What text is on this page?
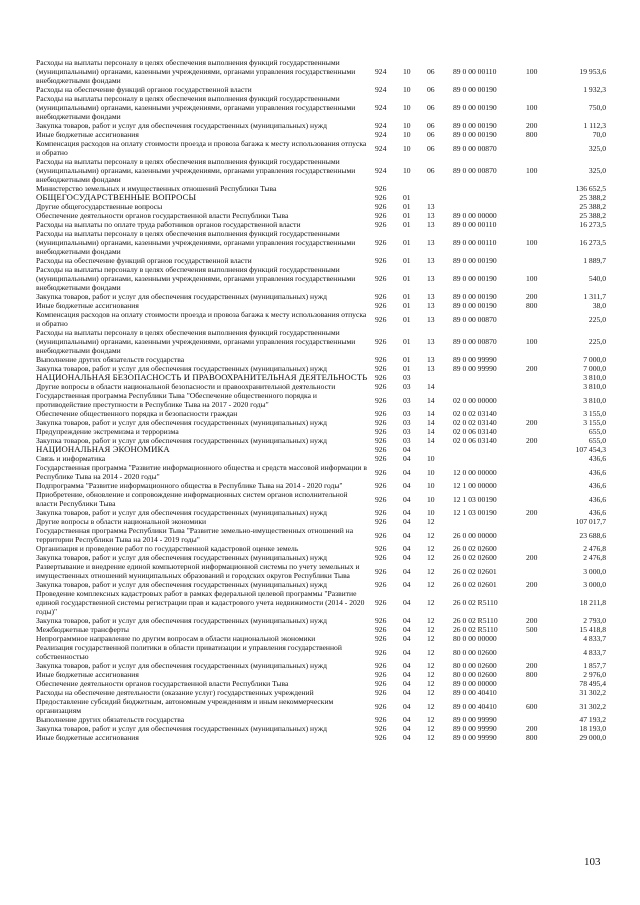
Расходы на выплаты персоналу в целях обеспечения выполнения функций государственными (муниципальными) органами, казенными учреждениями, органами управления государственными внебюджетными фондами
924 10 06 89 0 00 00110	100	19 953,6
Расходы на обеспечение функций органов государственной власти	924 10 06 89 0 00 00190	1 932,3
Расходы на выплаты персоналу в целях обеспечения выполнения функций государственными (муниципальными) органами, казенными учреждениями, органами управления государственными внебюджетными фондами
924 10 06 89 0 00 00190	100	750,0
Закупка товаров, работ и услуг для обеспечения государственных (муниципальных) нужд	924 10 06 89 0 00 00190	200	1 112,3
Иные бюджетные ассигнования	924 10 06 89 0 00 00190	800	70,0
Компенсация расходов на оплату стоимости проезда и провоза багажа к месту использования отпуска и обратно	924 10 06 89 0 00 00870	325,0
Расходы на выплаты персоналу в целях обеспечения выполнения функций государственными (муниципальными) органами, казенными учреждениями, органами управления государственными внебюджетными фондами
924 10 06 89 0 00 00870	100	325,0
Министерство земельных и имущественных отношений Республики Тыва	926	136 652,5
ОБЩЕГОСУДАРСТВЕННЫЕ ВОПРОСЫ	926 01	25 388,2
Другие общегосударственные вопросы	926 01 13	25 388,2
Обеспечение деятельности органов государственной власти Республики Тыва	926 01 13 89 0 00 00000	25 388,2
Расходы на выплаты по оплате труда работников органов государственной власти	926 01 13 89 0 00 00110	16 273,5
Расходы на выплаты персоналу в целях обеспечения выполнения функций государственными (муниципальными) органами, казенными учреждениями, органами управления государственными внебюджетными фондами
926 01 13 89 0 00 00110	100	16 273,5
Расходы на обеспечение функций органов государственной власти	926 01 13 89 0 00 00190	1 889,7
Расходы на выплаты персоналу в целях обеспечения выполнения функций государственными (муниципальными) органами, казенными учреждениями, органами управления государственными внебюджетными фондами
926 01 13 89 0 00 00190	100	540,0
Закупка товаров, работ и услуг для обеспечения государственных (муниципальных) нужд	926 01 13 89 0 00 00190	200	1 311,7
Иные бюджетные ассигнования	926 01 13 89 0 00 00190	800	38,0
Компенсация расходов на оплату стоимости проезда и провоза багажа к месту использования отпуска и обратно	926 01 13 89 0 00 00870	225,0
Расходы на выплаты персоналу в целях обеспечения выполнения функций государственными (муниципальными) органами, казенными учреждениями, органами управления государственными внебюджетными фондами
926 01 13 89 0 00 00870	100	225,0
Выполнение других обязательств государства	926 01 13 89 0 00 99990	7 000,0
Закупка товаров, работ и услуг для обеспечения государственных (муниципальных) нужд	926 01 13 89 0 00 99990	200	7 000,0
НАЦИОНАЛЬНАЯ БЕЗОПАСНОСТЬ И ПРАВООХРАНИТЕЛЬНАЯ ДЕЯТЕЛЬНОСТЬ 926 03	3 810,0
Другие вопросы в области национальной безопасности и правоохранительной деятельности	926 03 14	3 810,0
Государственная программа Республики Тыва "Обеспечение общественного порядка и противодействие преступности в Республике Тыва на 2017 - 2020 годы"	926 03 14 02 0 00 00000	3 810,0
Обеспечение общественного порядка и безопасности граждан	926 03 14 02 0 02 03140	3 155,0
Закупка товаров, работ и услуг для обеспечения государственных (муниципальных) нужд	926 03 14 02 0 02 03140	200	3 155,0
Предупреждение экстремизма и терроризма	926 03 14 02 0 06 03140	655,0
Закупка товаров, работ и услуг для обеспечения государственных (муниципальных) нужд	926 03 14 02 0 06 03140	200	655,0
НАЦИОНАЛЬНАЯ ЭКОНОМИКА	926 04	107 454,3
Связь и информатика	926 04 10	436,6
Государственная программа "Развитие информационного общества и средств массовой информации в Республике Тыва на 2014 - 2020 годы"	926 04 10 12 0 00 00000	436,6
Подпрограмма "Развитие информационного общества в Республике Тыва на 2014 - 2020 годы"	926 04 10 12 1 00 00000	436,6
Приобретение, обновление и сопровождение информационных систем органов исполнительной власти Республики Тыва	926 04 10 12 1 03 00190	436,6
Закупка товаров, работ и услуг для обеспечения государственных (муниципальных) нужд	926 04 10 12 1 03 00190	200	436,6
Другие вопросы в области национальной экономики	926 04 12	107 017,7
Государственная программа Республики Тыва "Развитие земельно-имущественных отношений на территории Республики Тыва на 2014 - 2019 годы"	926 04 12 26 0 00 00000	23 688,6
Организация и проведение работ по государственной кадастровой оценке земель	926 04 12 26 0 02 02600	2 476,8
Закупка товаров, работ и услуг для обеспечения государственных (муниципальных) нужд	926 04 12 26 0 02 02600	200	2 476,8
Развертывание и внедрение единой компьютерной информационной системы по учету земельных и имущественных отношений муниципальных образований и городских округов Республики Тыва	926 04 12 26 0 02 02601	3 000,0
Закупка товаров, работ и услуг для обеспечения государственных (муниципальных) нужд	926 04 12 26 0 02 02601	200	3 000,0
Проведение комплексных кадастровых работ в рамках федеральной целевой программы "Развитие единой государственной системы регистрации прав и кадастрового учета недвижимости (2014 - 2020 годы)"
926 04 12 26 0 02 R5110	18 211,8
Закупка товаров, работ и услуг для обеспечения государственных (муниципальных) нужд	926 04 12 26 0 02 R5110	200	2 793,0
Межбюджетные трансферты	926 04 12 26 0 02 R5110	500	15 418,8
Непрограммное направление по другим вопросам в области национальной экономики	926 04 12 80 0 00 00000	4 833,7
Реализация государственной политики в области приватизации и управления государственной собственностью	926 04 12 80 0 00 02600	4 833,7
Закупка товаров, работ и услуг для обеспечения государственных (муниципальных) нужд	926 04 12 80 0 00 02600	200	1 857,7
Иные бюджетные ассигнования	926 04 12 80 0 00 02600	800	2 976,0
Обеспечение деятельности органов государственной власти Республики Тыва	926 04 12 89 0 00 00000	78 495,4
Расходы на обеспечение деятельности (оказание услуг) государственных учреждений	926 04 12 89 0 00 40410	31 302,2
Предоставление субсидий бюджетным, автономным учреждениям и иным некоммерческим организациям	926 04 12 89 0 00 40410	600	31 302,2
Выполнение других обязательств государства	926 04 12 89 0 00 99990	47 193,2
Закупка товаров, работ и услуг для обеспечения государственных (муниципальных) нужд	926 04 12 89 0 00 99990	200	18 193,0
Иные бюджетные ассигнования	926 04 12 89 0 00 99990	800	29 000,0
103
